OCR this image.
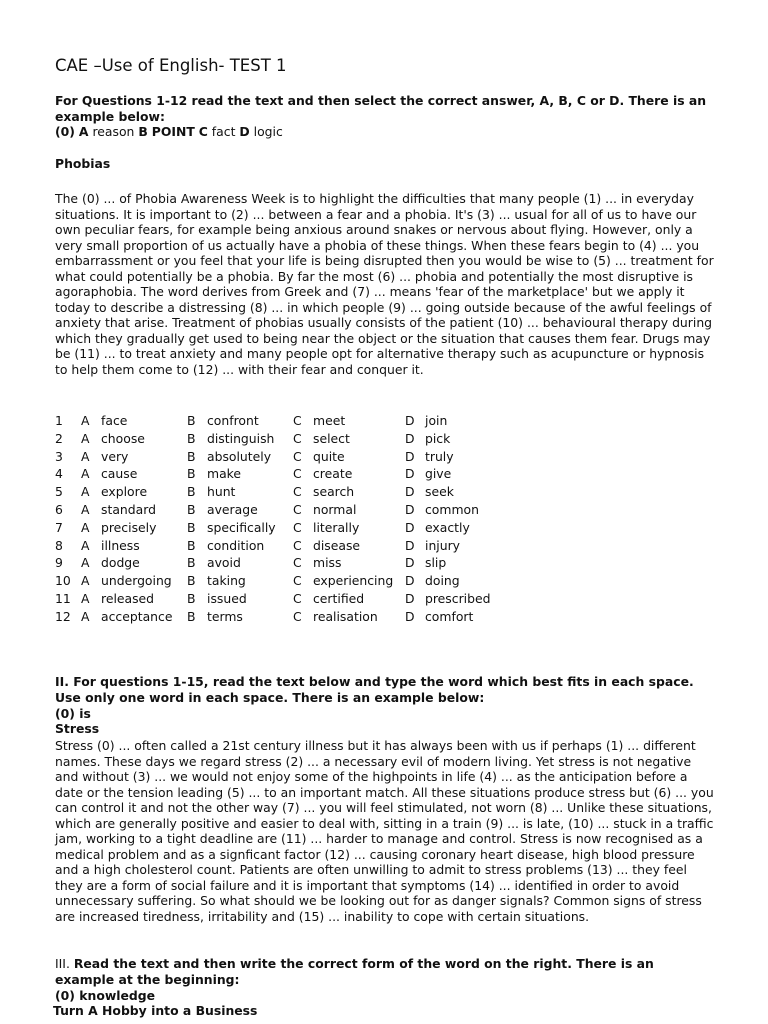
CAE –Use of English- TEST 1
For Questions 1-12 read the text and then select the correct answer, A, B, C or D. There is an example below:
(0) A reason B POINT C fact D logic
Phobias

The (0) ... of Phobia Awareness Week is to highlight the difficulties that many people (1) ... in everyday situations. It is important to (2) ... between a fear and a phobia. It's (3) ... usual for all of us to have our own peculiar fears, for example being anxious around snakes or nervous about flying. However, only a very small proportion of us actually have a phobia of these things. When these fears begin to (4) ... you embarrassment or you feel that your life is being disrupted then you would be wise to (5) ... treatment for what could potentially be a phobia. By far the most (6) ... phobia and potentially the most disruptive is agoraphobia. The word derives from Greek and (7) ... means 'fear of the marketplace' but we apply it today to describe a distressing (8) ... in which people (9) ... going outside because of the awful feelings of anxiety that arise. Treatment of phobias usually consists of the patient (10) ... behavioural therapy during which they gradually get used to being near the object or the situation that causes them fear. Drugs may be (11) ... to treat anxiety and many people opt for alternative therapy such as acupuncture or hypnosis to help them come to (12) ... with their fear and conquer it.

1	A	face	B	confront	C	meet	D	join
2	A	choose	B	distinguish	C	select	D	pick
3	A	very	B	absolutely	C	quite	D	truly
4	A	cause	B	make	C	create	D	give
5	A	explore	B	hunt	C	search	D	seek
6	A	standard	B	average	C	normal	D	common
7	A	precisely	B	specifically	C	literally	D	exactly
8	A	illness	B	condition	C	disease	D	injury
9	A	dodge	B	avoid	C	miss	D	slip
10	A	undergoing	B	taking	C	experiencing	D	doing
11	A	released	B	issued	C	certified	D	prescribed
12	A	acceptance	B	terms	C	realisation	D	comfort
II. For questions 1-15, read the text below and type the word which best fits in each space. Use only one word in each space. There is an example below:
(0) is
Stress

Stress (0) ... often called a 21st century illness but it has always been with us if perhaps (1) ... different names. These days we regard stress (2) ... a necessary evil of modern living. Yet stress is not negative and without (3) ... we would not enjoy some of the highpoints in life (4) ... as the anticipation before a date or the tension leading (5) ... to an important match. All these situations produce stress but (6) ... you can control it and not the other way (7) ... you will feel stimulated, not worn (8) ... Unlike these situations, which are generally positive and easier to deal with, sitting in a train (9) ... is late, (10) ... stuck in a traffic jam, working to a tight deadline are (11) ... harder to manage and control. Stress is now recognised as a medical problem and as a signficant factor (12) ... causing coronary heart disease, high blood pressure and a high cholesterol count. Patients are often unwilling to admit to stress problems (13) ... they feel they are a form of social failure and it is important that symptoms (14) ... identified in order to avoid unnecessary suffering. So what should we be looking out for as danger signals? Common signs of stress are increased tiredness, irritability and (15) ... inability to cope with certain situations.

III. Read the text and then write the correct form of the word on the right. There is an example at the beginning:
(0) knowledge
Turn A Hobby into a Business
